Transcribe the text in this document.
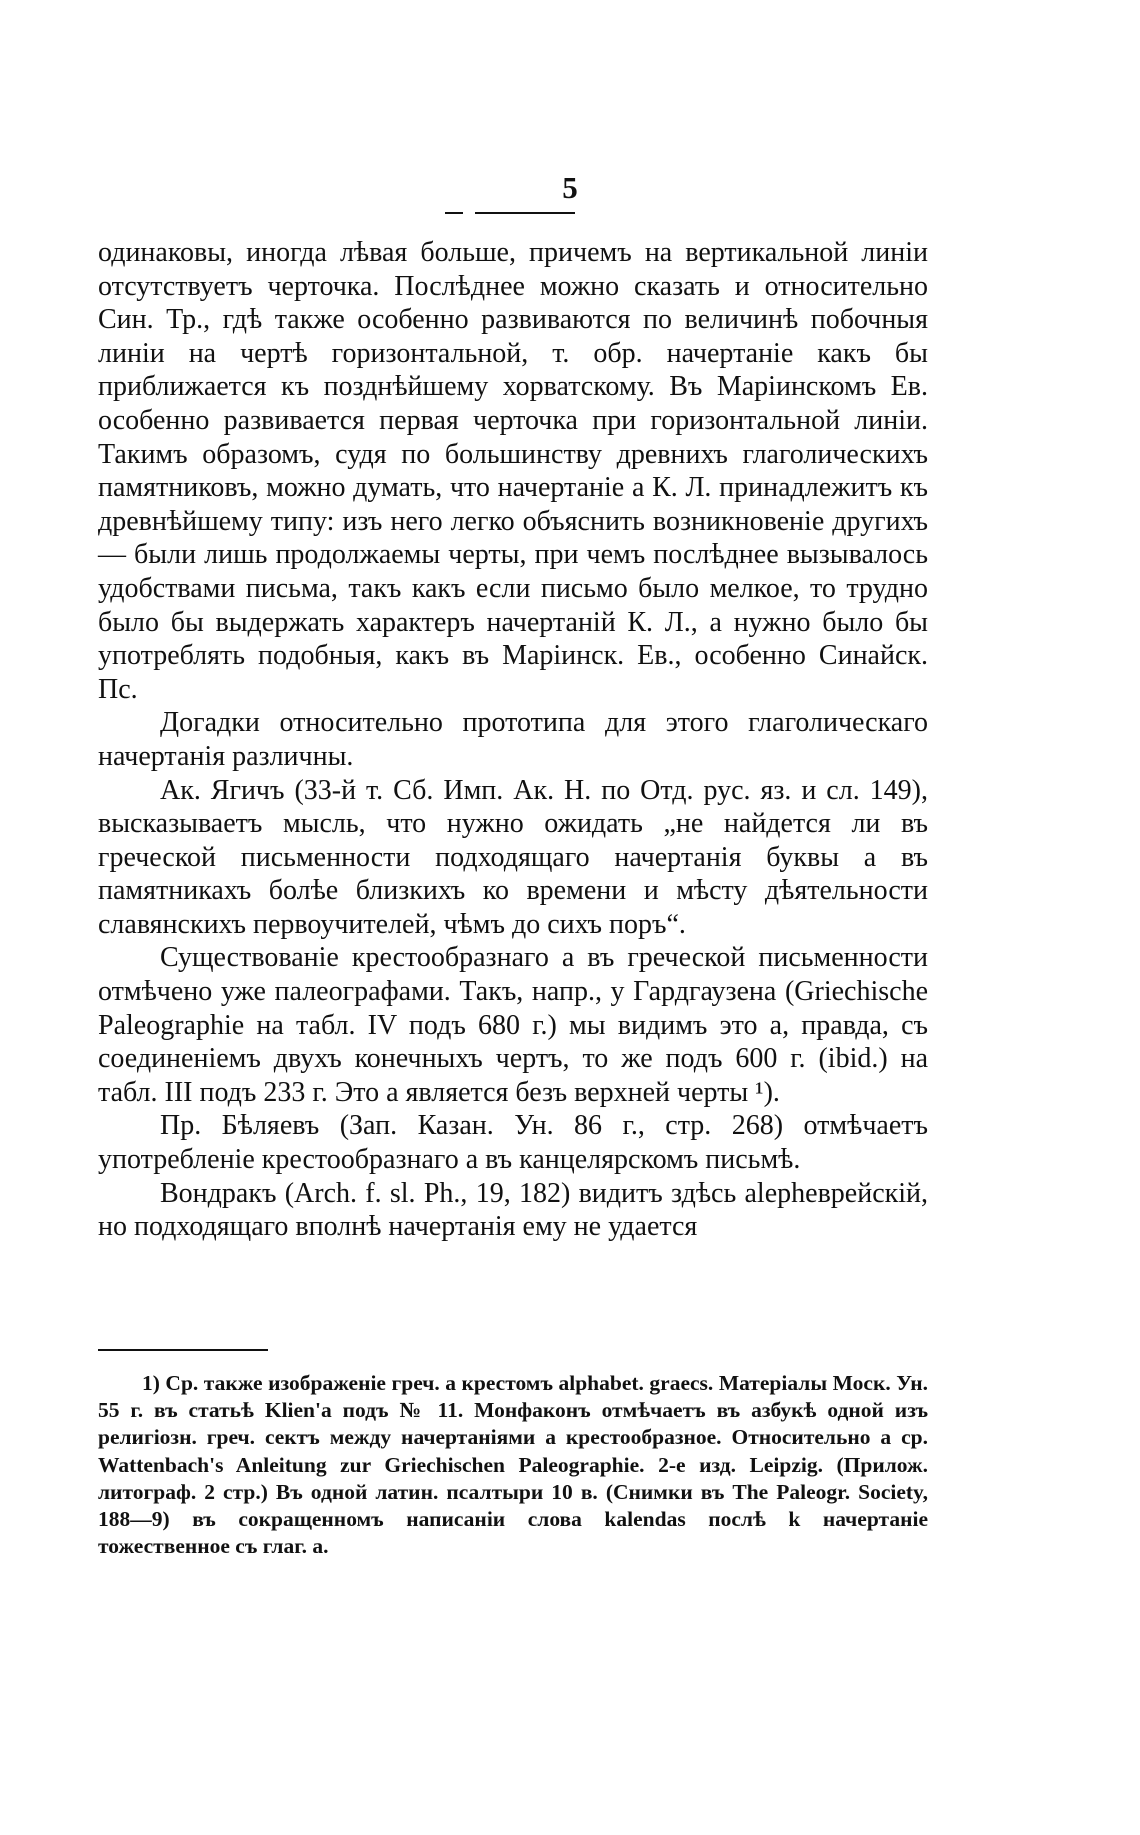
5

одинаковы, иногда лѣвая больше, причемъ на вертикальной линіи отсутствуетъ черточка. Послѣднее можно сказать и относительно Син. Тр., гдѣ также особенно развиваются по величинѣ побочныя линіи на чертѣ горизонтальной, т. обр. начертаніе какъ бы приближается къ позднѣйшему хорватскому. Въ Маріинскомъ Ев. особенно развивается первая черточка при горизонтальной линіи. Такимъ образомъ, судя по большинству древнихъ глаголическихъ памятниковъ, можно думать, что начертаніе а К. Л. принадлежитъ къ древнѣйшему типу: изъ него легко объяснить возникновеніе другихъ — были лишь продолжаемы черты, при чемъ послѣднее вызывалось удобствами письма, такъ какъ если письмо было мелкое, то трудно было бы выдержать характеръ начертаній К. Л., а нужно было бы употреблять подобныя, какъ въ Маріинск. Ев., особенно Синайск. Пс.

Догадки относительно прототипа для этого глаголическаго начертанія различны.

Ак. Ягичъ (33-й т. Сб. Имп. Ак. Н. по Отд. рус. яз. и сл. 149), высказываетъ мысль, что нужно ожидать „не найдется ли въ греческой письменности подходящаго начертанія буквы а въ памятникахъ болѣе близкихъ ко времени и мѣсту дѣятельности славянскихъ первоучителей, чѣмъ до сихъ поръ“.

Существованіе крестообразнаго а въ греческой письменности отмѣчено уже палеографами. Такъ, напр., у Гардгаузена (Griechische Paleographie на табл. IV подъ 680 г.) мы видимъ это а, правда, съ соединеніемъ двухъ конечныхъ чертъ, то же подъ 600 г. (ibid.) на табл. III подъ 233 г. Это а является безъ верхней черты ¹).

Пр. Бѣляевъ (Зап. Казан. Ун. 86 г., стр. 268) отмѣчаетъ употребленіе крестообразнаго а въ канцелярскомъ письмѣ.

Вондракъ (Arch. f. sl. Ph., 19, 182) видитъ здѣсь alephеврейскій, но подходящаго вполнѣ начертанія ему не удается

1) Ср. также изображеніе греч. а крестомъ alphabet. graecs. Матеріалы Моск. Ун. 55 г. въ статьѣ Klien'а подъ № 11. Монфаконъ отмѣчаетъ въ азбукѣ одной изъ религіозн. греч. сектъ между начертаніями а крестообразное. Относительно а ср. Wattenbach's Anleitung zur Griechischen Paleographie. 2-е изд. Leipzig. (Прилож. литограф. 2 стр.) Въ одной латин. псалтыри 10 в. (Снимки въ The Paleogr. Society, 188—9) въ сокращенномъ написаніи слова kalendas послѣ k начертаніе тожественное съ глаг. а.
